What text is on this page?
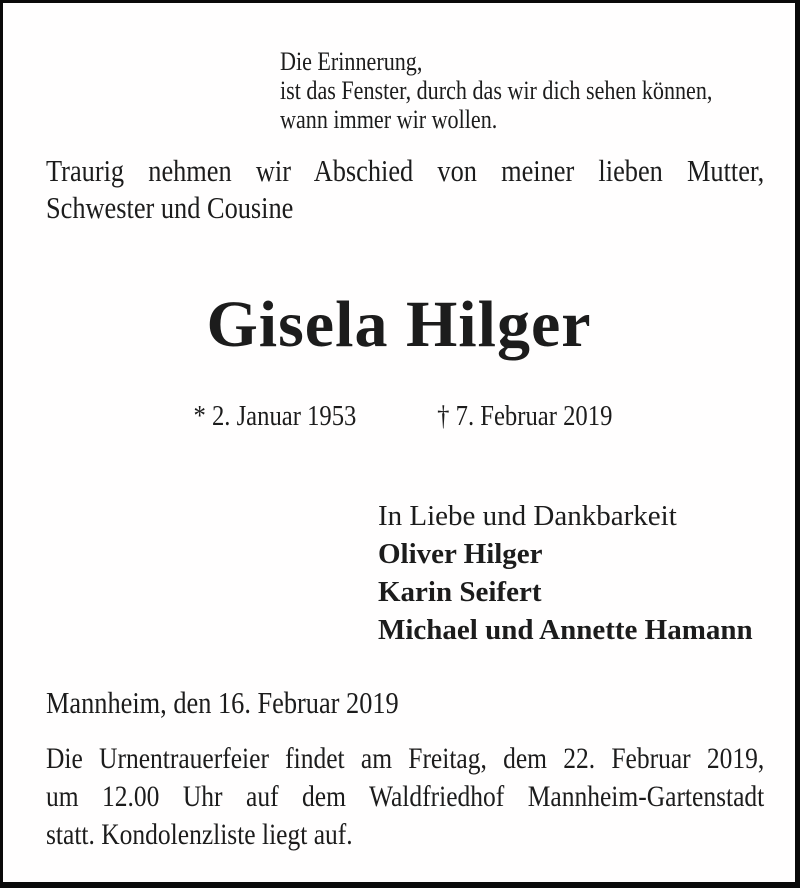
Die Erinnerung,
ist das Fenster, durch das wir dich sehen können,
wann immer wir wollen.
Traurig nehmen wir Abschied von meiner lieben Mutter,
Schwester und Cousine
Gisela Hilger
* 2. Januar 1953	† 7. Februar 2019
In Liebe und Dankbarkeit
Oliver Hilger
Karin Seifert
Michael und Annette Hamann
Mannheim, den 16. Februar 2019
Die Urnentrauerfeier findet am Freitag, dem 22. Februar 2019,
um 12.00 Uhr auf dem Waldfriedhof Mannheim-Gartenstadt
statt. Kondolenzliste liegt auf.
